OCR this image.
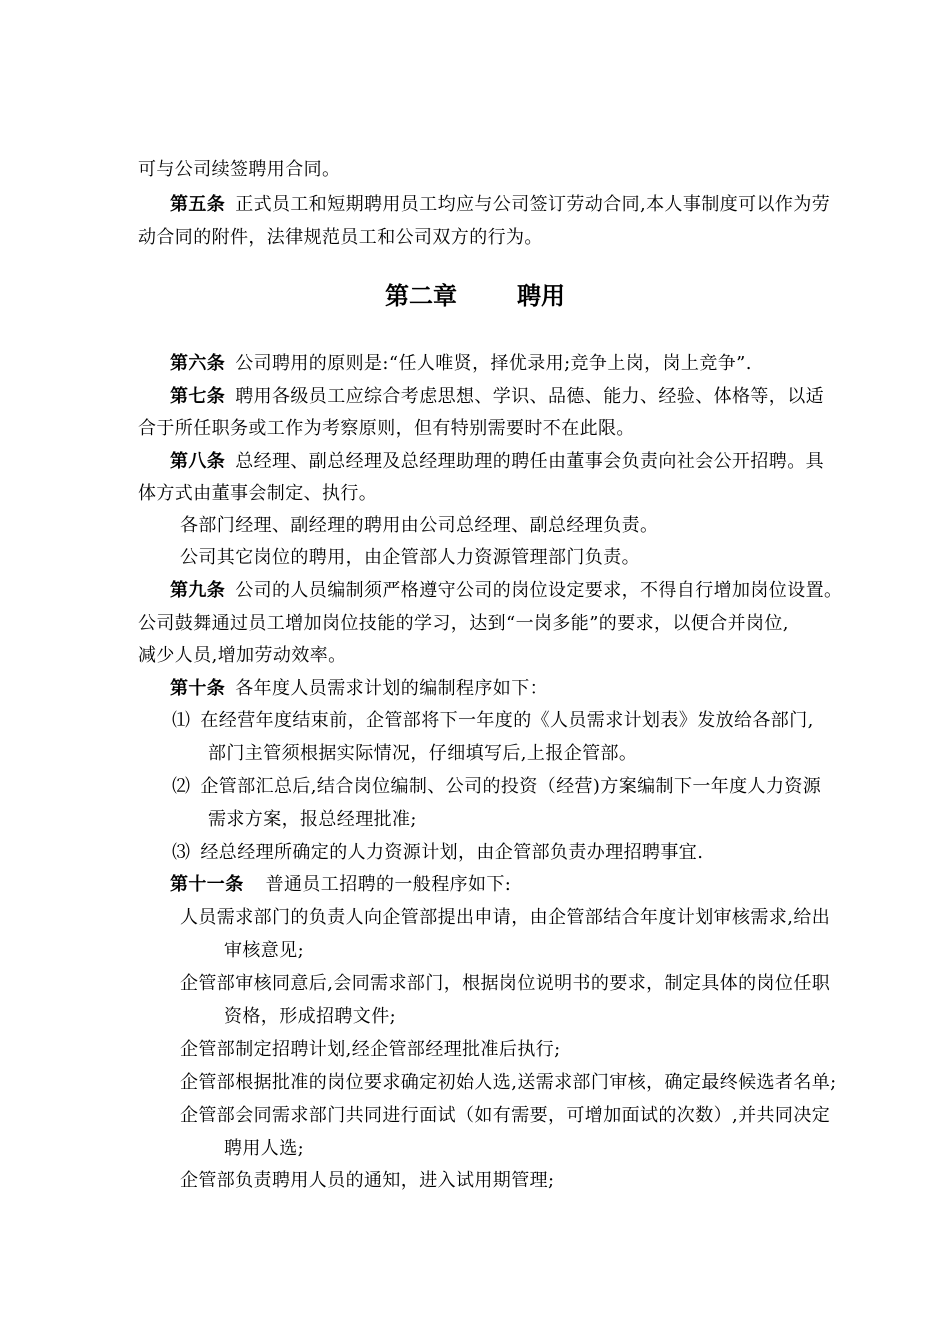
可与公司续签聘用合同。
第五条 正式员工和短期聘用员工均应与公司签订劳动合同,本人事制度可以作为劳
动合同的附件，法律规范员工和公司双方的行为。
第二章	聘用
第六条 公司聘用的原则是:“任人唯贤，择优录用;竞争上岗，岗上竞争”.
第七条 聘用各级员工应综合考虑思想、学识、品德、能力、经验、体格等，以适
合于所任职务或工作为考察原则，但有特别需要时不在此限。
第八条 总经理、副总经理及总经理助理的聘任由董事会负责向社会公开招聘。具
体方式由董事会制定、执行。
各部门经理、副经理的聘用由公司总经理、副总经理负责。
公司其它岗位的聘用，由企管部人力资源管理部门负责。
第九条 公司的人员编制须严格遵守公司的岗位设定要求，不得自行增加岗位设置。
公司鼓舞通过员工增加岗位技能的学习，达到“一岗多能”的要求，以便合并岗位,
减少人员,增加劳动效率。
第十条 各年度人员需求计划的编制程序如下：
⑴ 在经营年度结束前，企管部将下一年度的《人员需求计划表》发放给各部门,
部门主管须根据实际情况，仔细填写后,上报企管部。
⑵ 企管部汇总后,结合岗位编制、公司的投资（经营)方案编制下一年度人力资源
需求方案，报总经理批准;
⑶ 经总经理所确定的人力资源计划，由企管部负责办理招聘事宜.
第十一条 普通员工招聘的一般程序如下:
人员需求部门的负责人向企管部提出申请，由企管部结合年度计划审核需求,给出
审核意见;
企管部审核同意后,会同需求部门，根据岗位说明书的要求，制定具体的岗位任职
资格，形成招聘文件;
企管部制定招聘计划,经企管部经理批准后执行;
企管部根据批准的岗位要求确定初始人选,送需求部门审核，确定最终候选者名单;
企管部会同需求部门共同进行面试（如有需要，可增加面试的次数）,并共同决定
聘用人选;
企管部负责聘用人员的通知，进入试用期管理;
